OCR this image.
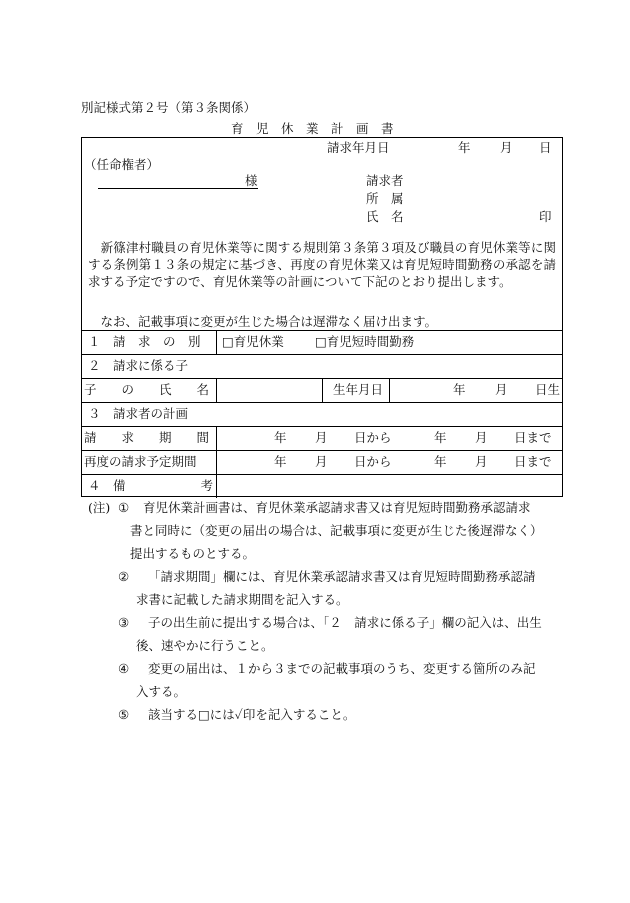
別記様式第２号（第３条関係）
育　児　休　業　計　画　書
請求年月日	年 月 日
（任命権者）
様	請求者
所　属
氏　名	印
　新篠津村職員の育児休業等に関する規則第３条第３項及び職員の育児休業等に関する条例第１３条の規定に基づき、再度の育児休業又は育児短時間勤務の承認を請求する予定ですので、育児休業等の計画について下記のとおり提出します。
　なお、記載事項に変更が生じた場合は遅滞なく届け出ます。
１　請　求　の　別 □育児休業 □育児短時間勤務
２　請求に係る子
子　　の　　氏　　名	生年月日	年 月 日生
３　請求者の計画
請　　求　　期　　間	年 月 日から	年 月 日まで
再度の請求予定期間	年 月 日から	年 月 日まで
４　備　　　　　　考
(注) ① 育児休業計画書は、育児休業承認請求書又は育児短時間勤務承認請求
書と同時に（変更の届出の場合は、記載事項に変更が生じた後遅滞なく）
提出するものとする。
② 「請求期間」欄には、育児休業承認請求書又は育児短時間勤務承認請
求書に記載した請求期間を記入する。
③ 子の出生前に提出する場合は、「２　請求に係る子」欄の記入は、出生
後、速やかに行うこと。
④ 変更の届出は、１から３までの記載事項のうち、変更する箇所のみ記
入する。
⑤ 該当する□には✓印を記入すること。
